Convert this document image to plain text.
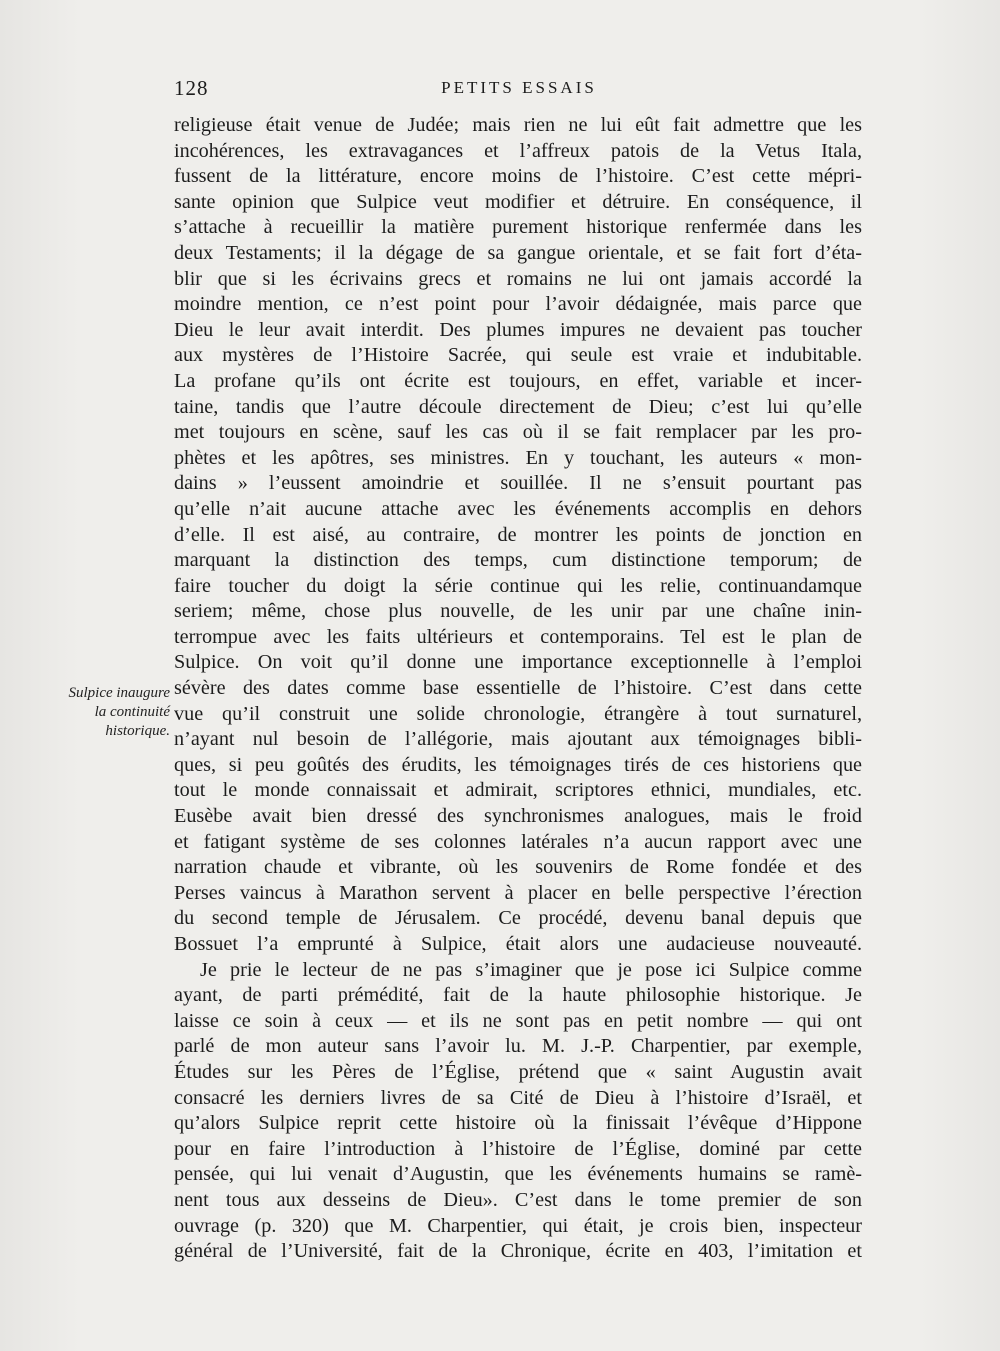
128	PETITS ESSAIS
Sulpice inaugure
la continuité
historique.
religieuse était venue de Judée; mais rien ne lui eût fait admettre que les
incohérences, les extravagances et l’affreux patois de la Vetus Itala,
fussent de la littérature, encore moins de l’histoire. C’est cette mépri-
sante opinion que Sulpice veut modifier et détruire. En conséquence, il
s’attache à recueillir la matière purement historique renfermée dans les
deux Testaments; il la dégage de sa gangue orientale, et se fait fort d’éta-
blir que si les écrivains grecs et romains ne lui ont jamais accordé la
moindre mention, ce n’est point pour l’avoir dédaignée, mais parce que
Dieu le leur avait interdit. Des plumes impures ne devaient pas toucher
aux mystères de l’Histoire Sacrée, qui seule est vraie et indubitable.
La profane qu’ils ont écrite est toujours, en effet, variable et incer-
taine, tandis que l’autre découle directement de Dieu; c’est lui qu’elle
met toujours en scène, sauf les cas où il se fait remplacer par les pro-
phètes et les apôtres, ses ministres. En y touchant, les auteurs « mon-
dains » l’eussent amoindrie et souillée. Il ne s’ensuit pourtant pas
qu’elle n’ait aucune attache avec les événements accomplis en dehors
d’elle. Il est aisé, au contraire, de montrer les points de jonction en
marquant la distinction des temps, cum distinctione temporum; de
faire toucher du doigt la série continue qui les relie, continuandamque
seriem; même, chose plus nouvelle, de les unir par une chaîne inin-
terrompue avec les faits ultérieurs et contemporains. Tel est le plan de
Sulpice. On voit qu’il donne une importance exceptionnelle à l’emploi
sévère des dates comme base essentielle de l’histoire. C’est dans cette
vue qu’il construit une solide chronologie, étrangère à tout surnaturel,
n’ayant nul besoin de l’allégorie, mais ajoutant aux témoignages bibli-
ques, si peu goûtés des érudits, les témoignages tirés de ces historiens que
tout le monde connaissait et admirait, scriptores ethnici, mundiales, etc.
Eusèbe avait bien dressé des synchronismes analogues, mais le froid
et fatigant système de ses colonnes latérales n’a aucun rapport avec une
narration chaude et vibrante, où les souvenirs de Rome fondée et des
Perses vaincus à Marathon servent à placer en belle perspective l’érection
du second temple de Jérusalem. Ce procédé, devenu banal depuis que
Bossuet l’a emprunté à Sulpice, était alors une audacieuse nouveauté.
Je prie le lecteur de ne pas s’imaginer que je pose ici Sulpice comme
ayant, de parti prémédité, fait de la haute philosophie historique. Je
laisse ce soin à ceux — et ils ne sont pas en petit nombre — qui ont
parlé de mon auteur sans l’avoir lu. M. J.-P. Charpentier, par exemple,
Études sur les Pères de l’Église, prétend que « saint Augustin avait
consacré les derniers livres de sa Cité de Dieu à l’histoire d’Israël, et
qu’alors Sulpice reprit cette histoire où la finissait l’évêque d’Hippone
pour en faire l’introduction à l’histoire de l’Église, dominé par cette
pensée, qui lui venait d’Augustin, que les événements humains se ramè-
nent tous aux desseins de Dieu». C’est dans le tome premier de son
ouvrage (p. 320) que M. Charpentier, qui était, je crois bien, inspecteur
général de l’Université, fait de la Chronique, écrite en 403, l’imitation et
